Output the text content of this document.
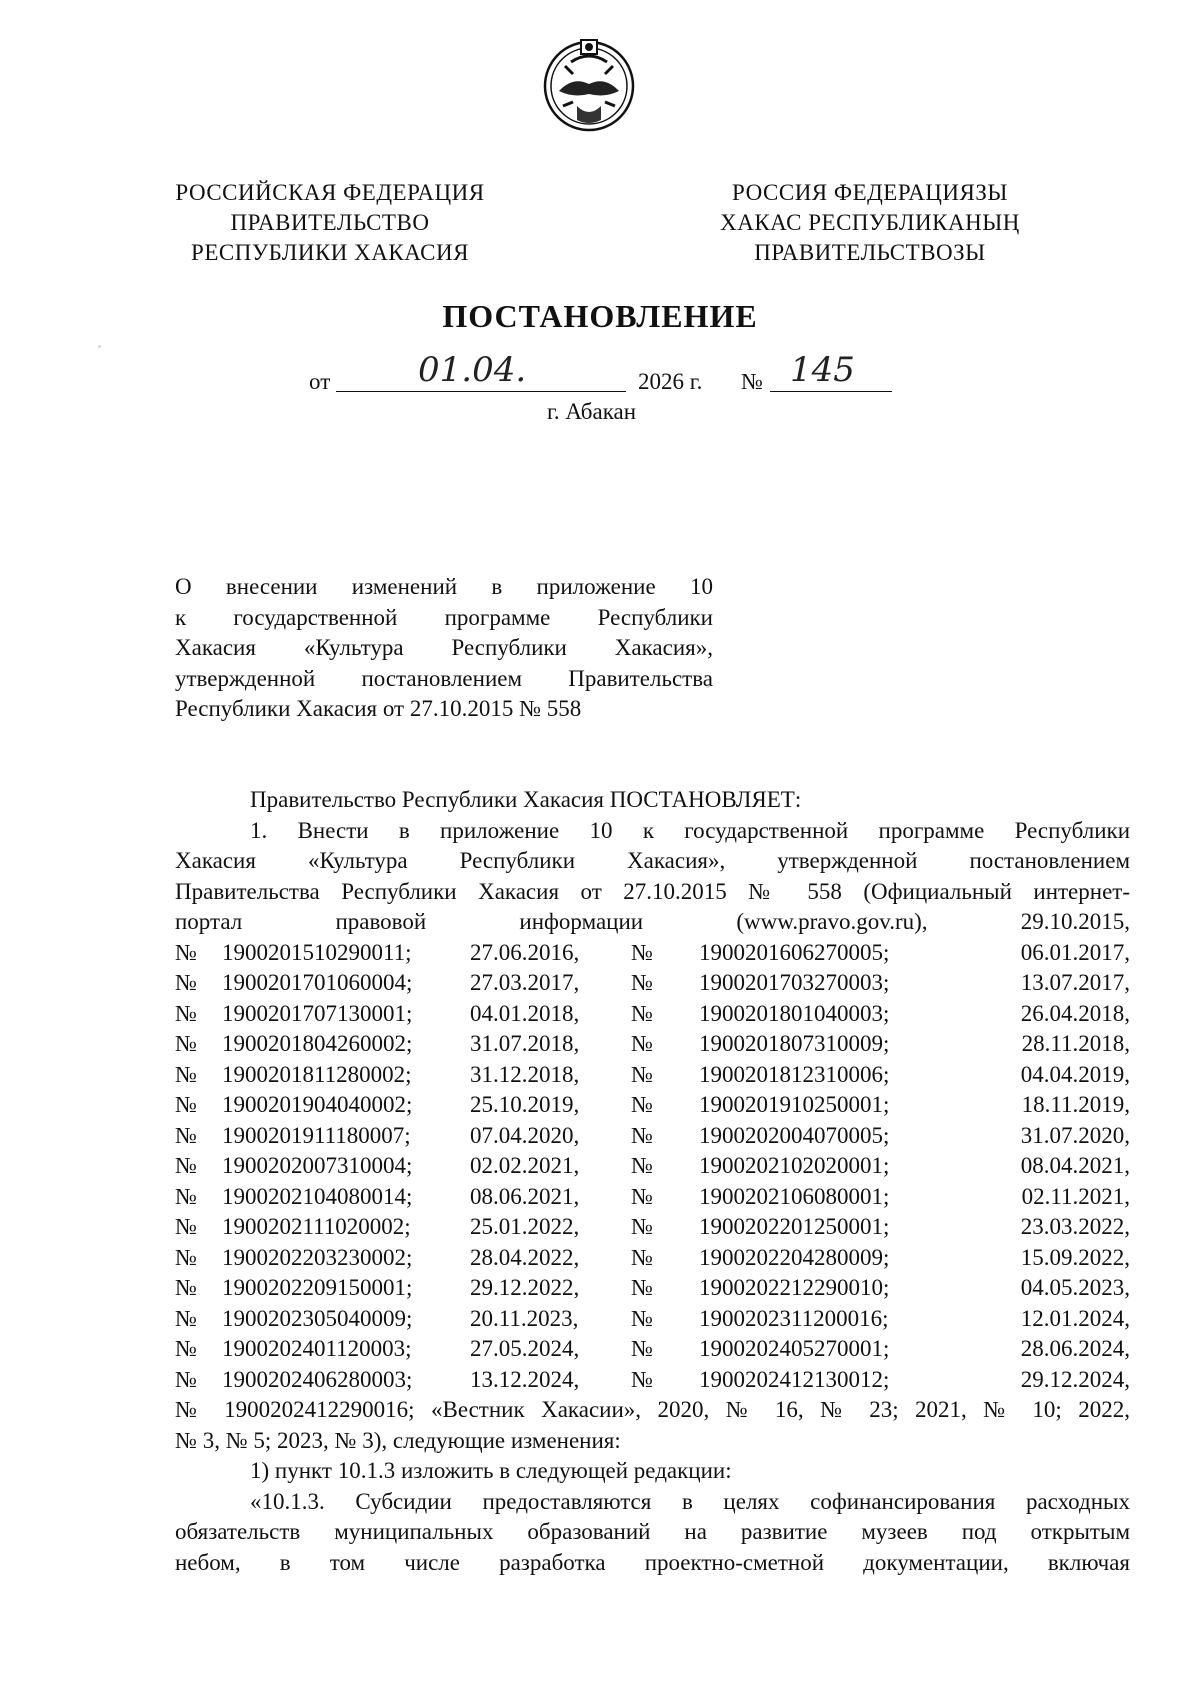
РОССИЙСКАЯ ФЕДЕРАЦИЯ
ПРАВИТЕЛЬСТВО
РЕСПУБЛИКИ ХАКАСИЯ
РОССИЯ ФЕДЕРАЦИЯЗЫ
ХАКАС РЕСПУБЛИКАНЫҢ
ПРАВИТЕЛЬСТВОЗЫ
ПОСТАНОВЛЕНИЕ
от	01.04.	2026 г. № 145
г. Абакан
О внесении изменений в приложение 10
к государственной программе Республики
Хакасия «Культура Республики Хакасия»,
утвержденной постановлением Правительства
Республики Хакасия от 27.10.2015 № 558
Правительство Республики Хакасия ПОСТАНОВЛЯЕТ:
1. Внести в приложение 10 к государственной программе Республики
Хакасия «Культура Республики Хакасия», утвержденной постановлением
Правительства Республики Хакасия от 27.10.2015 № 558 (Официальный интернет-
портал	правовой	информации	(www.pravo.gov.ru),	29.10.2015,
№	1900201510290011;	27.06.2016,	№	1900201606270005;	06.01.2017,
№	1900201701060004;	27.03.2017,	№	1900201703270003;	13.07.2017,
№	1900201707130001;	04.01.2018,	№	1900201801040003;	26.04.2018,
№	1900201804260002;	31.07.2018,	№	1900201807310009;	28.11.2018,
№	1900201811280002;	31.12.2018,	№	1900201812310006;	04.04.2019,
№	1900201904040002;	25.10.2019,	№	1900201910250001;	18.11.2019,
№	1900201911180007;	07.04.2020,	№	1900202004070005;	31.07.2020,
№	1900202007310004;	02.02.2021,	№	1900202102020001;	08.04.2021,
№	1900202104080014;	08.06.2021,	№	1900202106080001;	02.11.2021,
№	1900202111020002;	25.01.2022,	№	1900202201250001;	23.03.2022,
№	1900202203230002;	28.04.2022,	№	1900202204280009;	15.09.2022,
№	1900202209150001;	29.12.2022,	№	1900202212290010;	04.05.2023,
№	1900202305040009;	20.11.2023,	№	1900202311200016;	12.01.2024,
№	1900202401120003;	27.05.2024,	№	1900202405270001;	28.06.2024,
№	1900202406280003;	13.12.2024,	№	1900202412130012;	29.12.2024,
№ 1900202412290016; «Вестник Хакасии», 2020, № 16, № 23; 2021, № 10; 2022,
№ 3, № 5; 2023, № 3), следующие изменения:
1) пункт 10.1.3 изложить в следующей редакции:
«10.1.3. Субсидии предоставляются в целях софинансирования расходных
обязательств муниципальных образований на развитие музеев под открытым
небом, в том числе разработка проектно-сметной документации, включая
